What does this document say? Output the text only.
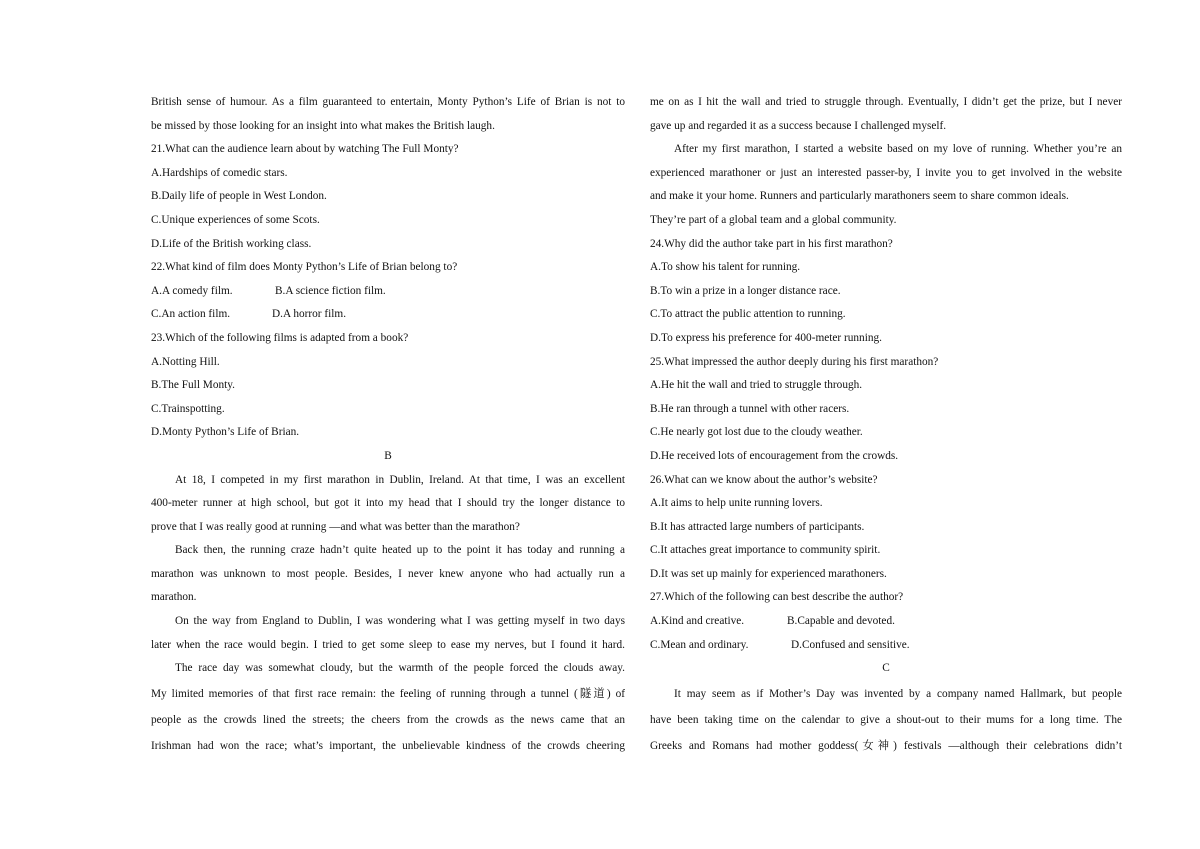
British sense of humour. As a film guaranteed to entertain, Monty Python’s Life of Brian is not to
be missed by those looking for an insight into what makes the British laugh.
21.What can the audience learn about by watching The Full Monty?
A.Hardships of comedic stars.
B.Daily life of people in West London.
C.Unique experiences of some Scots.
D.Life of the British working class.
22.What kind of film does Monty Python’s Life of Brian belong to?
A.A comedy film.	B.A science fiction film.
C.An action film.	D.A horror film.
23.Which of the following films is adapted from a book?
A.Notting Hill.
B.The Full Monty.
C.Trainspotting.
D.Monty Python’s Life of Brian.
B
At 18, I competed in my first marathon in Dublin, Ireland. At that time, I was an excellent
400-meter runner at high school, but got it into my head that I should try the longer distance to
prove that I was really good at running —and what was better than the marathon?
Back then, the running craze hadn’t quite heated up to the point it has today and running a
marathon was unknown to most people. Besides, I never knew anyone who had actually run a
marathon.
On the way from England to Dublin, I was wondering what I was getting myself in two days
later when the race would begin. I tried to get some sleep to ease my nerves, but I found it hard.
The race day was somewhat cloudy, but the warmth of the people forced the clouds away.
My limited memories of that first race remain: the feeling of running through a tunnel (隧道) of
people as the crowds lined the streets; the cheers from the crowds as the news came that an
Irishman had won the race; what’s important, the unbelievable kindness of the crowds cheering
me on as I hit the wall and tried to struggle through. Eventually, I didn’t get the prize, but I never
gave up and regarded it as a success because I challenged myself.
After my first marathon, I started a website based on my love of running. Whether you’re an
experienced marathoner or just an interested passer-by, I invite you to get involved in the website
and make it your home. Runners and particularly marathoners seem to share common ideals.
They’re part of a global team and a global community.
24.Why did the author take part in his first marathon?
A.To show his talent for running.
B.To win a prize in a longer distance race.
C.To attract the public attention to running.
D.To express his preference for 400-meter running.
25.What impressed the author deeply during his first marathon?
A.He hit the wall and tried to struggle through.
B.He ran through a tunnel with other racers.
C.He nearly got lost due to the cloudy weather.
D.He received lots of encouragement from the crowds.
26.What can we know about the author’s website?
A.It aims to help unite running lovers.
B.It has attracted large numbers of participants.
C.It attaches great importance to community spirit.
D.It was set up mainly for experienced marathoners.
27.Which of the following can best describe the author?
A.Kind and creative.	B.Capable and devoted.
C.Mean and ordinary.	D.Confused and sensitive.
C
It may seem as if Mother’s Day was invented by a company named Hallmark, but people
have been taking time on the calendar to give a shout-out to their mums for a long time. The
Greeks and Romans had mother goddess(女神) festivals —although their celebrations didn’t
